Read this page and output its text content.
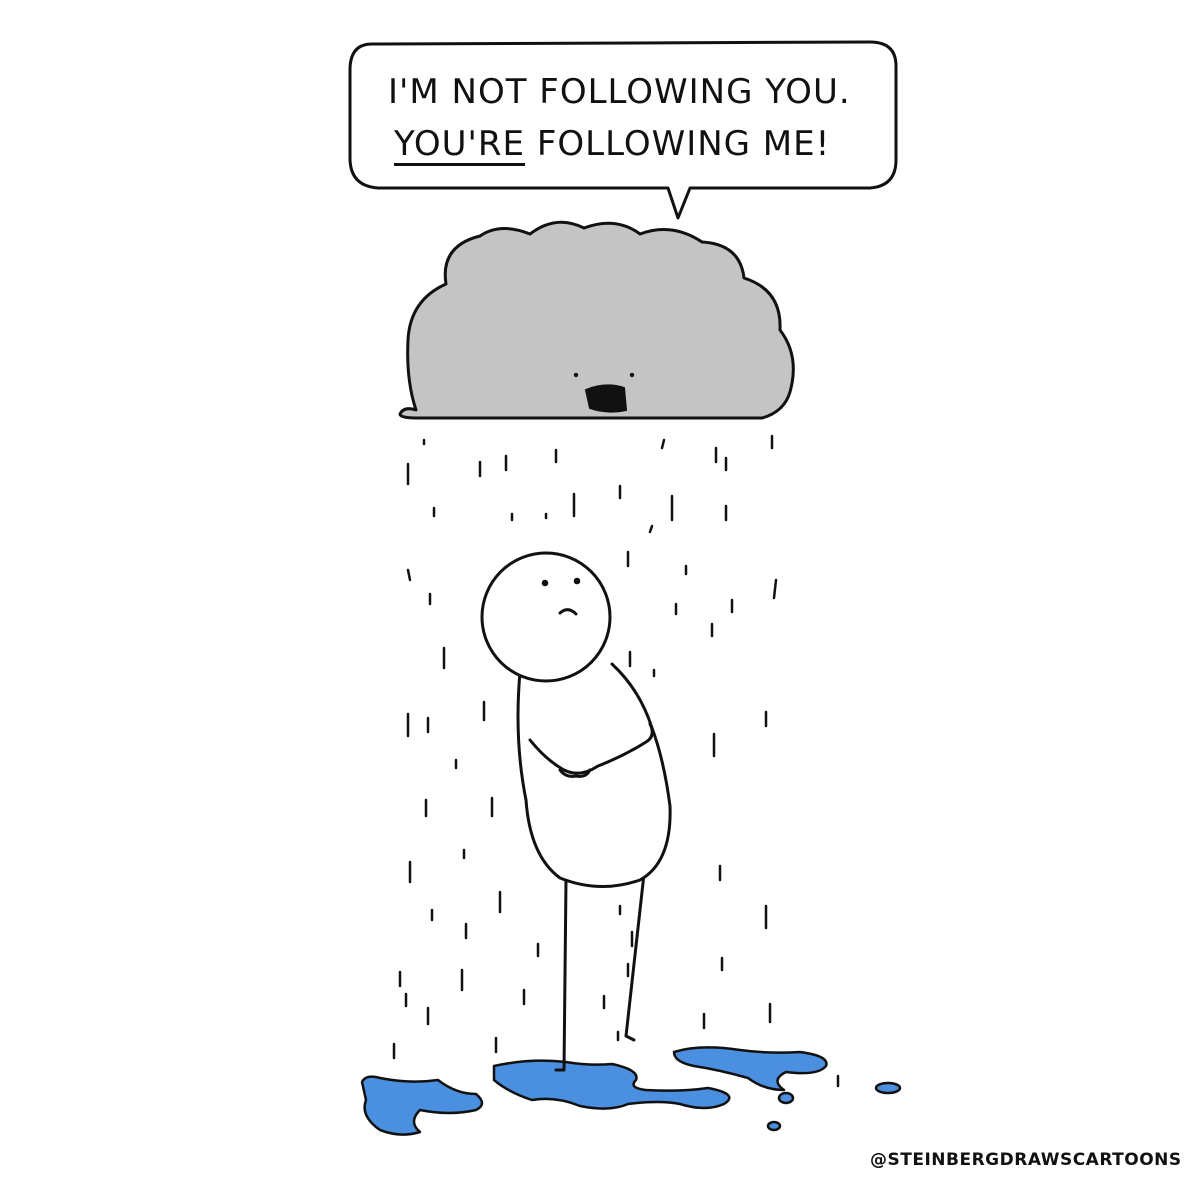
I'M NOT FOLLOWING YOU.
YOU'RE FOLLOWING ME!
@STEINBERGDRAWSCARTOONS
